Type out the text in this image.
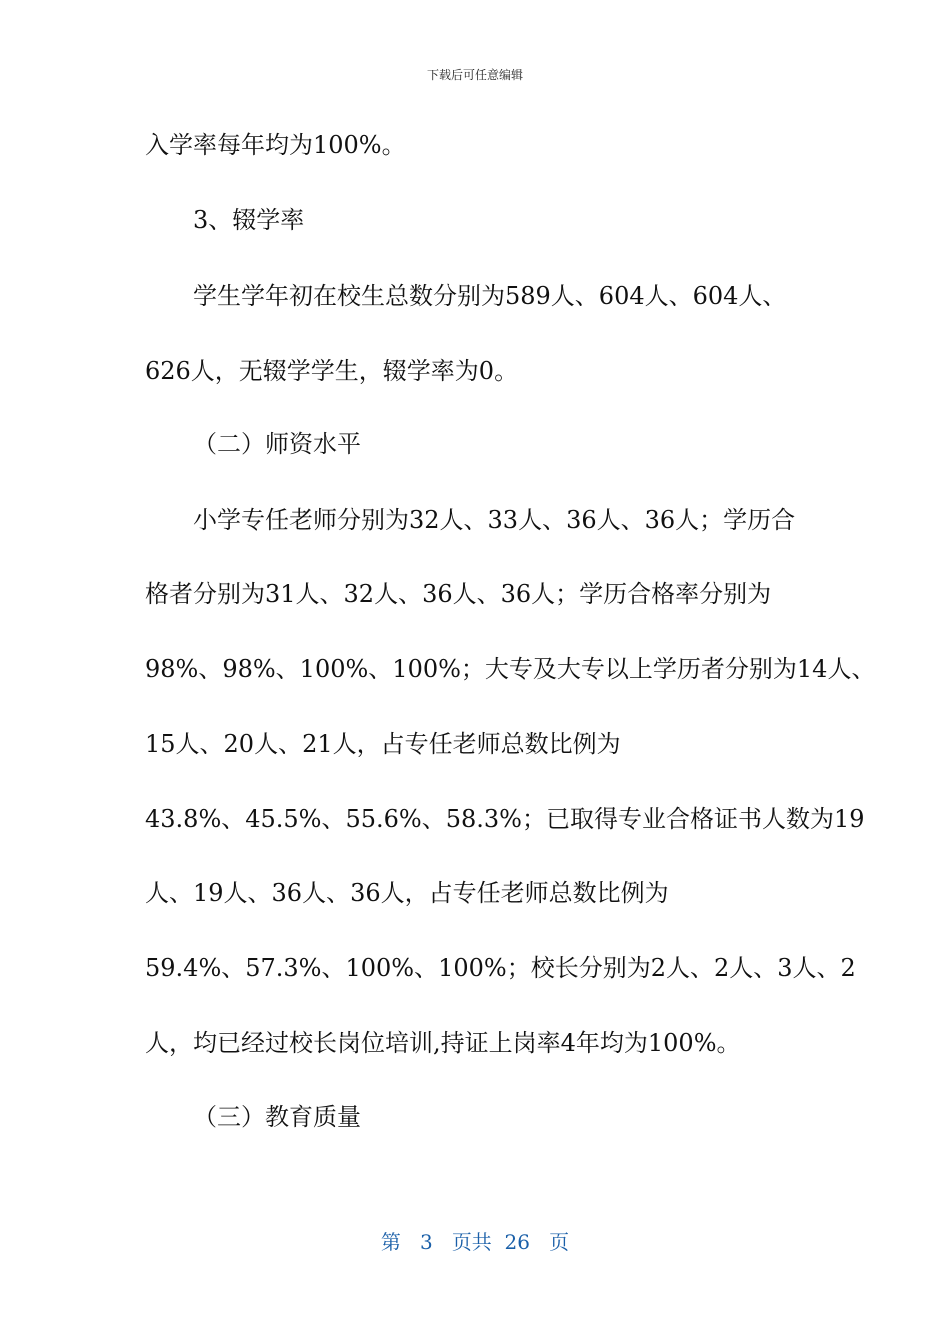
下载后可任意编辑
入学率每年均为100%。
3、辍学率
学生学年初在校生总数分别为589人、604人、604人、
626人，无辍学学生，辍学率为0。
（二）师资水平
小学专任老师分别为32人、33人、36人、36人；学历合
格者分别为31人、32人、36人、36人；学历合格率分别为
98%、98%、100%、100%；大专及大专以上学历者分别为14人、
15人、20人、21人，占专任老师总数比例为
43.8%、45.5%、55.6%、58.3%；已取得专业合格证书人数为19
人、19人、36人、36人，占专任老师总数比例为
59.4%、57.3%、100%、100%；校长分别为2人、2人、3人、2
人，均已经过校长岗位培训,持证上岗率4年均为100%。
（三）教育质量
第 3 页共 26 页
